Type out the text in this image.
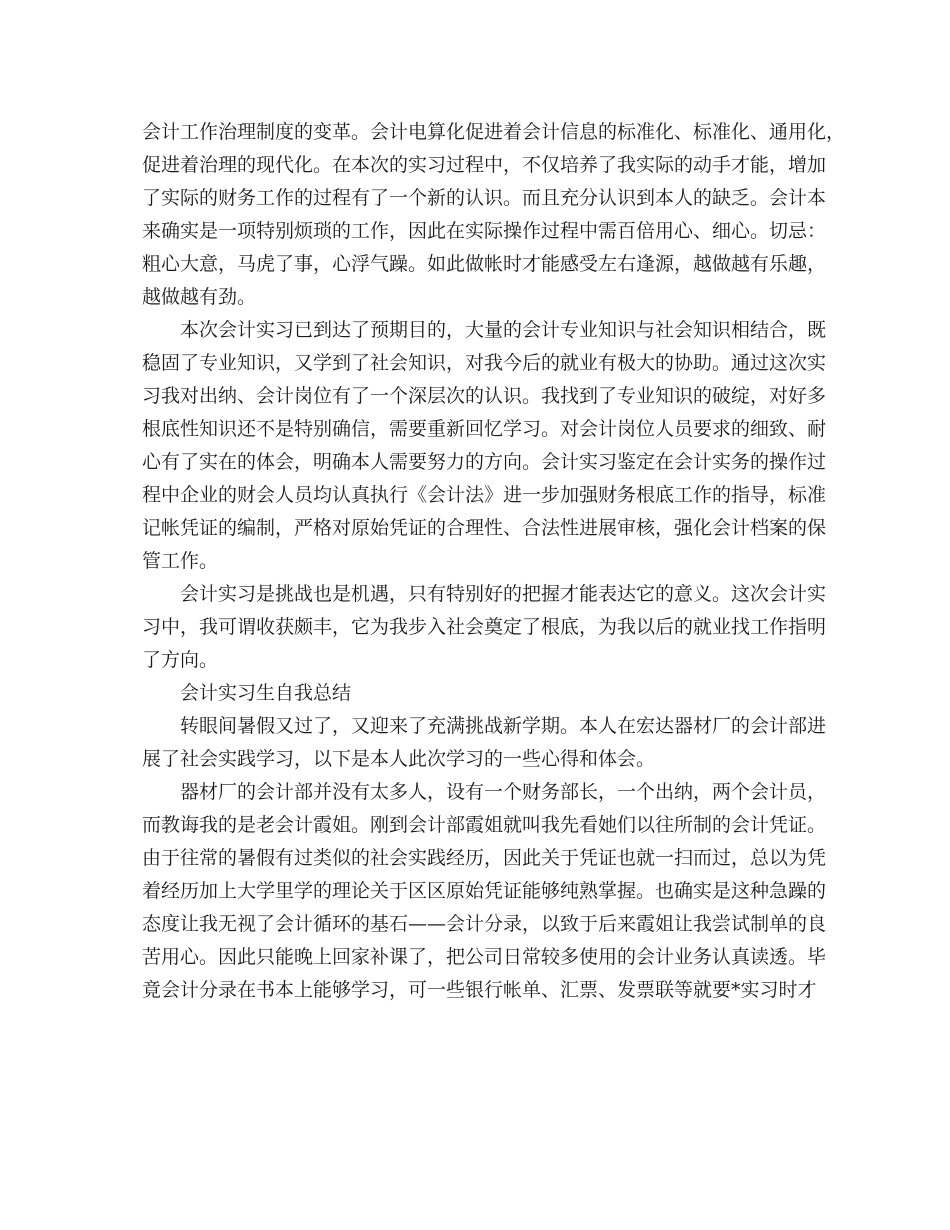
会计工作治理制度的变革。会计电算化促进着会计信息的标准化、标准化、通用化，
促进着治理的现代化。在本次的实习过程中，不仅培养了我实际的动手才能，增加
了实际的财务工作的过程有了一个新的认识。而且充分认识到本人的缺乏。会计本
来确实是一项特别烦琐的工作，因此在实际操作过程中需百倍用心、细心。切忌：
粗心大意，马虎了事，心浮气躁。如此做帐时才能感受左右逢源，越做越有乐趣，
越做越有劲。
本次会计实习已到达了预期目的，大量的会计专业知识与社会知识相结合，既
稳固了专业知识，又学到了社会知识，对我今后的就业有极大的协助。通过这次实
习我对出纳、会计岗位有了一个深层次的认识。我找到了专业知识的破绽，对好多
根底性知识还不是特别确信，需要重新回忆学习。对会计岗位人员要求的细致、耐
心有了实在的体会，明确本人需要努力的方向。会计实习鉴定在会计实务的操作过
程中企业的财会人员均认真执行《会计法》进一步加强财务根底工作的指导，标准
记帐凭证的编制，严格对原始凭证的合理性、合法性进展审核，强化会计档案的保
管工作。
会计实习是挑战也是机遇，只有特别好的把握才能表达它的意义。这次会计实
习中，我可谓收获颇丰，它为我步入社会奠定了根底，为我以后的就业找工作指明
了方向。
会计实习生自我总结
转眼间暑假又过了，又迎来了充满挑战新学期。本人在宏达器材厂的会计部进
展了社会实践学习，以下是本人此次学习的一些心得和体会。
器材厂的会计部并没有太多人，设有一个财务部长，一个出纳，两个会计员，
而教诲我的是老会计霞姐。刚到会计部霞姐就叫我先看她们以往所制的会计凭证。
由于往常的暑假有过类似的社会实践经历，因此关于凭证也就一扫而过，总以为凭
着经历加上大学里学的理论关于区区原始凭证能够纯熟掌握。也确实是这种急躁的
态度让我无视了会计循环的基石——会计分录，以致于后来霞姐让我尝试制单的良
苦用心。因此只能晚上回家补课了，把公司日常较多使用的会计业务认真读透。毕
竟会计分录在书本上能够学习，可一些银行帐单、汇票、发票联等就要*实习时才
